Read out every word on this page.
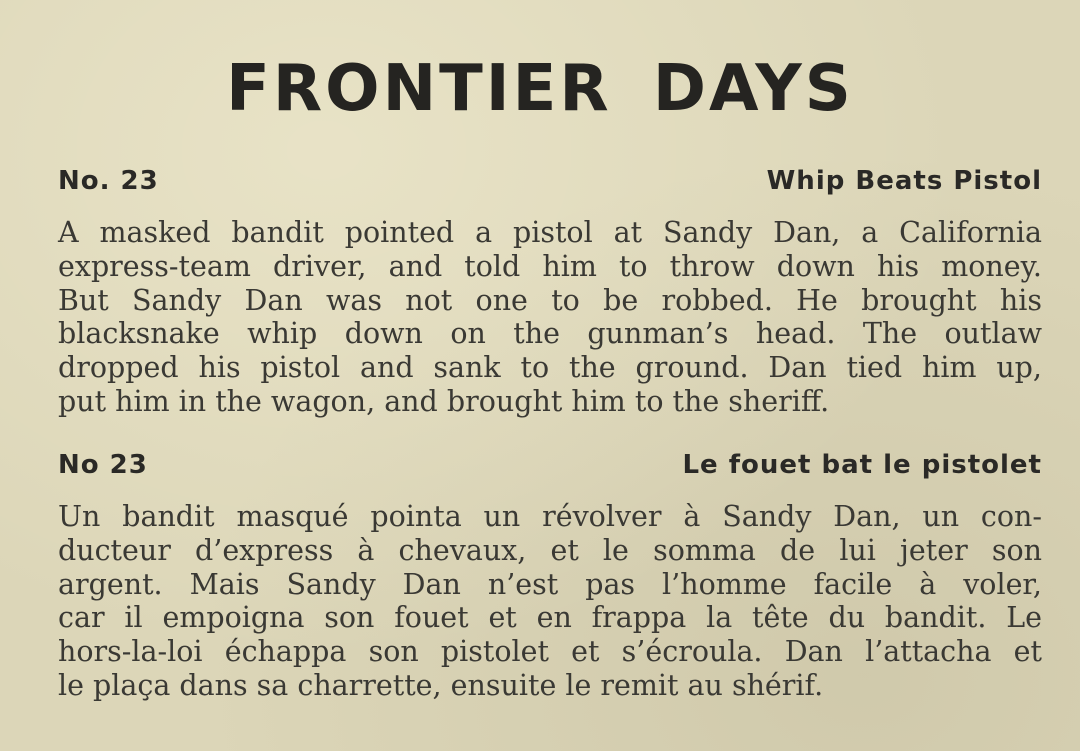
FRONTIER DAYS
No. 23	Whip Beats Pistol
A masked bandit pointed a pistol at Sandy Dan, a California
express-team driver, and told him to throw down his money.
But Sandy Dan was not one to be robbed. He brought his
blacksnake whip down on the gunman’s head. The outlaw
dropped his pistol and sank to the ground. Dan tied him up,
put him in the wagon, and brought him to the sheriff.
No 23	Le fouet bat le pistolet
Un bandit masqué pointa un révolver à Sandy Dan, un con-
ducteur d’express à chevaux, et le somma de lui jeter son
argent. Mais Sandy Dan n’est pas l’homme facile à voler,
car il empoigna son fouet et en frappa la tête du bandit. Le
hors-la-loi échappa son pistolet et s’écroula. Dan l’attacha et
le plaça dans sa charrette, ensuite le remit au shérif.
